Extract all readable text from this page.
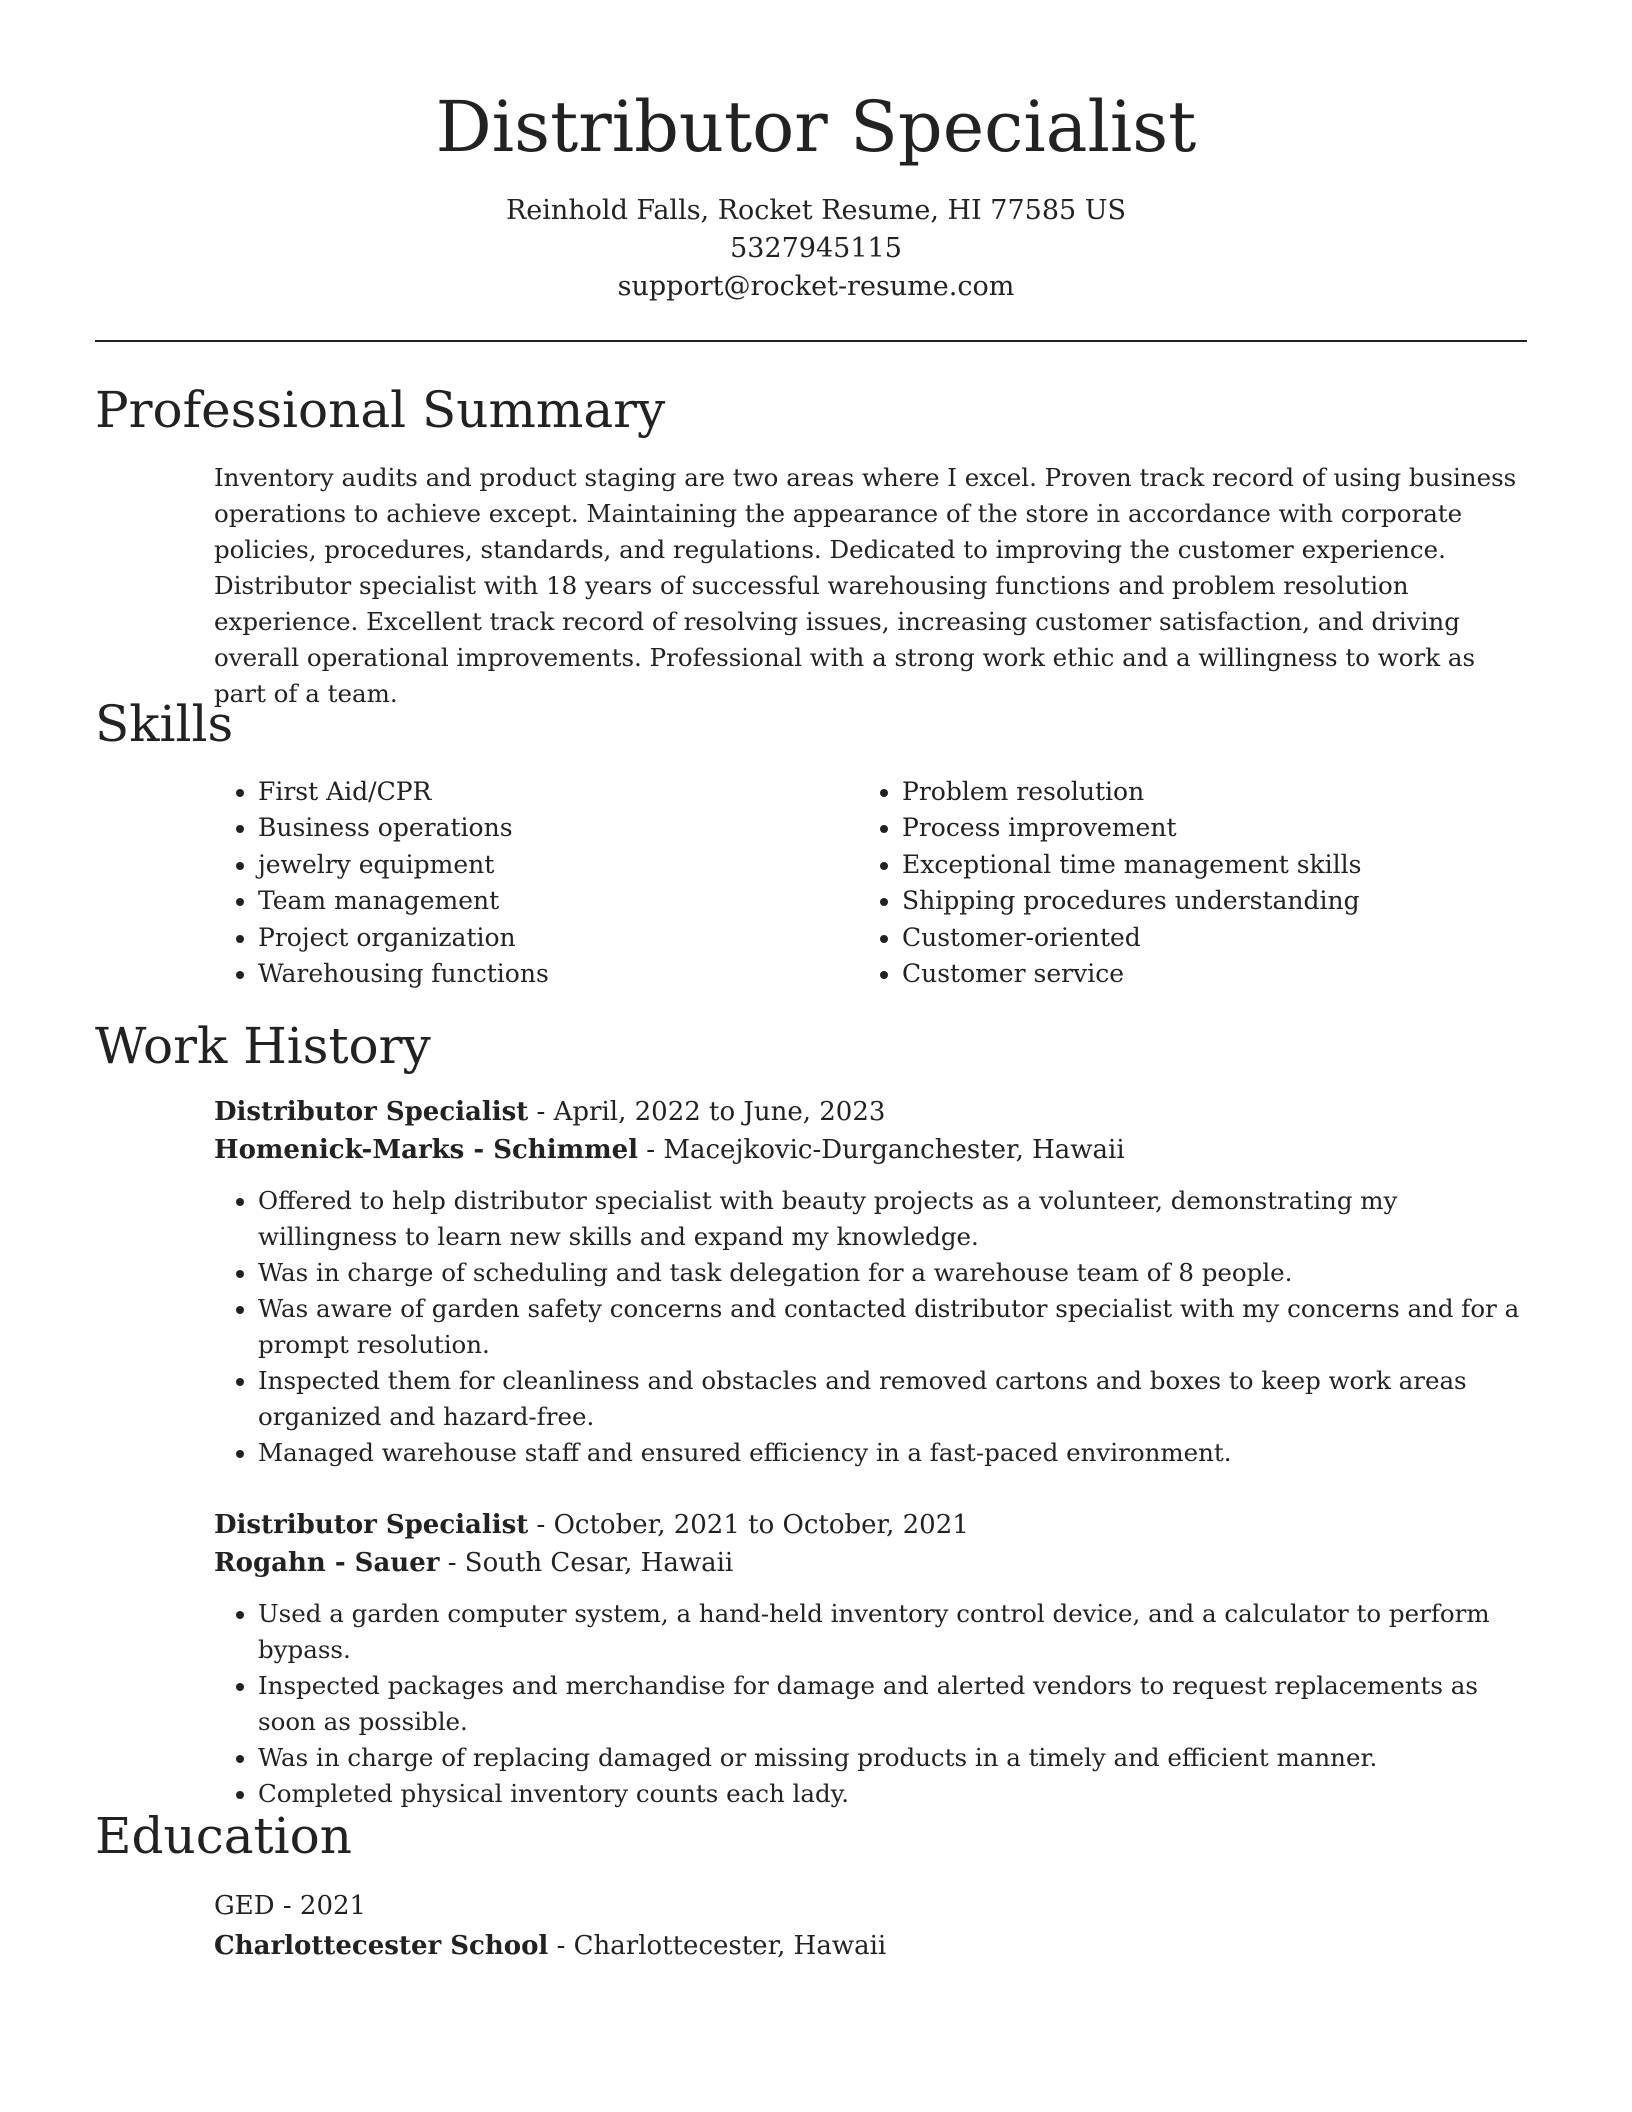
Distributor Specialist
Reinhold Falls, Rocket Resume, HI 77585 US
5327945115
support@rocket-resume.com
Professional Summary

Inventory audits and product staging are two areas where I excel. Proven track record of using business operations to achieve except. Maintaining the appearance of the store in accordance with corporate policies, procedures, standards, and regulations. Dedicated to improving the customer experience. Distributor specialist with 18 years of successful warehousing functions and problem resolution experience. Excellent track record of resolving issues, increasing customer satisfaction, and driving overall operational improvements. Professional with a strong work ethic and a willingness to work as part of a team.

Skills
• First Aid/CPR
• Business operations
• jewelry equipment
• Team management
• Project organization
• Warehousing functions
• Problem resolution
• Process improvement
• Exceptional time management skills
• Shipping procedures understanding
• Customer-oriented
• Customer service
Work History
Distributor Specialist - April, 2022 to June, 2023
Homenick-Marks - Schimmel - Macejkovic-Durganchester, Hawaii
• Offered to help distributor specialist with beauty projects as a volunteer, demonstrating my willingness to learn new skills and expand my knowledge.
• Was in charge of scheduling and task delegation for a warehouse team of 8 people.
• Was aware of garden safety concerns and contacted distributor specialist with my concerns and for a prompt resolution.
• Inspected them for cleanliness and obstacles and removed cartons and boxes to keep work areas organized and hazard-free.
• Managed warehouse staff and ensured efficiency in a fast-paced environment.
Distributor Specialist - October, 2021 to October, 2021
Rogahn - Sauer - South Cesar, Hawaii
• Used a garden computer system, a hand-held inventory control device, and a calculator to perform bypass.
• Inspected packages and merchandise for damage and alerted vendors to request replacements as soon as possible.
• Was in charge of replacing damaged or missing products in a timely and efficient manner.
• Completed physical inventory counts each lady.
Education
GED - 2021
Charlottecester School - Charlottecester, Hawaii
